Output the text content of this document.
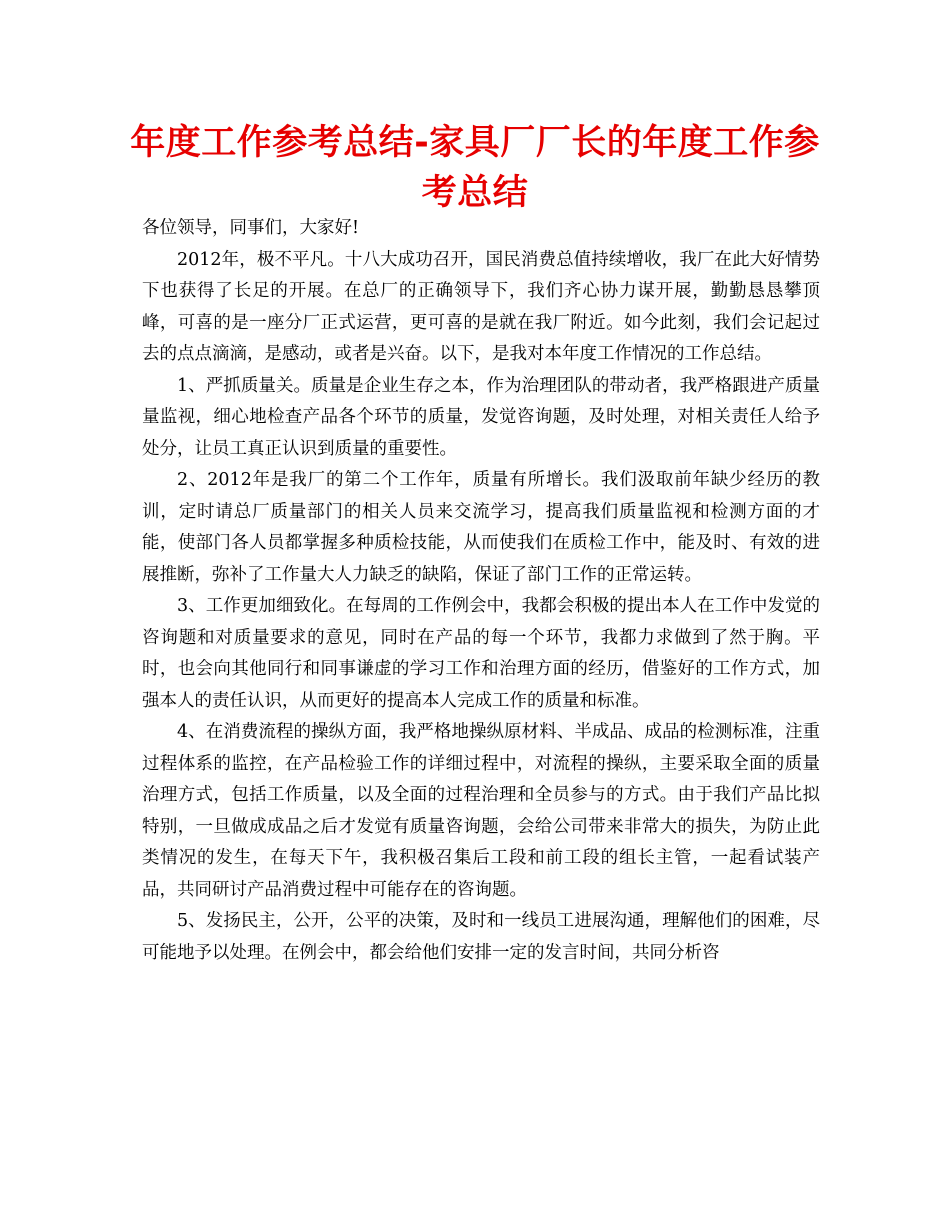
年度工作参考总结-家具厂厂长的年度工作参考总结

各位领导，同事们，大家好!

2012年，极不平凡。十八大成功召开，国民消费总值持续增收，我厂在此大好情势下也获得了长足的开展。在总厂的正确领导下，我们齐心协力谋开展，勤勤恳恳攀顶峰，可喜的是一座分厂正式运营，更可喜的是就在我厂附近。如今此刻，我们会记起过去的点点滴滴，是感动，或者是兴奋。以下，是我对本年度工作情况的工作总结。

1、严抓质量关。质量是企业生存之本，作为治理团队的带动者，我严格跟进产质量量监视，细心地检查产品各个环节的质量，发觉咨询题，及时处理，对相关责任人给予处分，让员工真正认识到质量的重要性。

2、2012年是我厂的第二个工作年，质量有所增长。我们汲取前年缺少经历的教训，定时请总厂质量部门的相关人员来交流学习，提高我们质量监视和检测方面的才能，使部门各人员都掌握多种质检技能，从而使我们在质检工作中，能及时、有效的进展推断，弥补了工作量大人力缺乏的缺陷，保证了部门工作的正常运转。

3、工作更加细致化。在每周的工作例会中，我都会积极的提出本人在工作中发觉的咨询题和对质量要求的意见，同时在产品的每一个环节，我都力求做到了然于胸。平时，也会向其他同行和同事谦虚的学习工作和治理方面的经历，借鉴好的工作方式，加强本人的责任认识，从而更好的提高本人完成工作的质量和标准。

4、在消费流程的操纵方面，我严格地操纵原材料、半成品、成品的检测标准，注重过程体系的监控，在产品检验工作的详细过程中，对流程的操纵，主要采取全面的质量治理方式，包括工作质量，以及全面的过程治理和全员参与的方式。由于我们产品比拟特别，一旦做成成品之后才发觉有质量咨询题，会给公司带来非常大的损失，为防止此类情况的发生，在每天下午，我积极召集后工段和前工段的组长主管，一起看试装产品，共同研讨产品消费过程中可能存在的咨询题。

5、发扬民主，公开，公平的决策，及时和一线员工进展沟通，理解他们的困难，尽可能地予以处理。在例会中，都会给他们安排一定的发言时间，共同分析咨
